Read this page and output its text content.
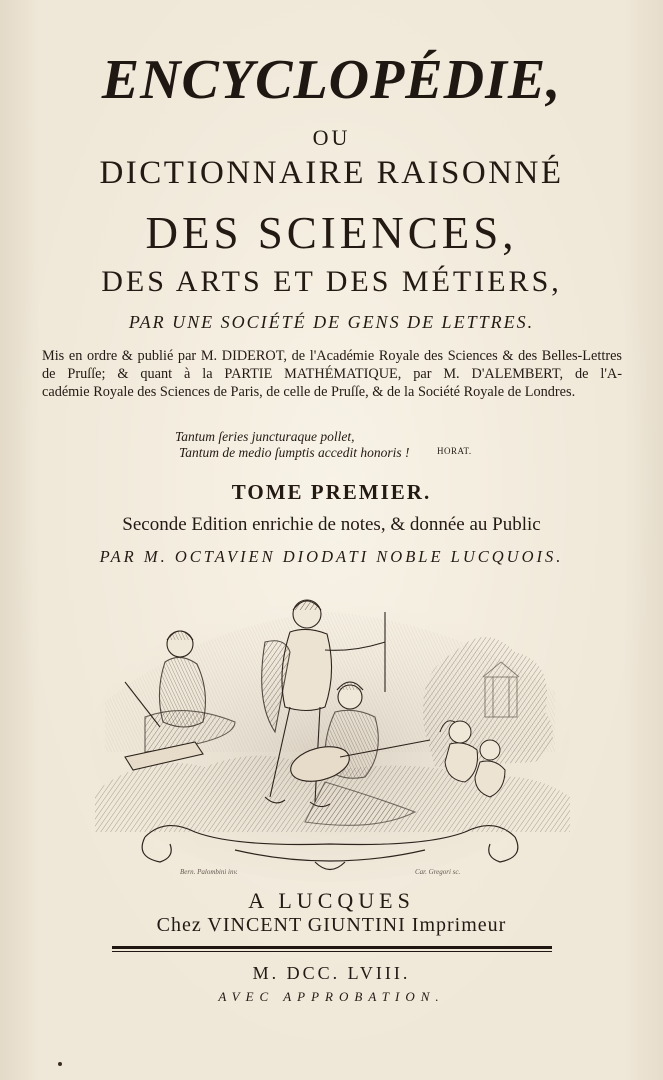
ENCYCLOPÉDIE,
OU
DICTIONNAIRE RAISONNÉ
DES SCIENCES,
DES ARTS ET DES MÉTIERS,
PAR UNE SOCIÉTÉ DE GENS DE LETTRES.
Mis en ordre & publié par M. DIDEROT, de l'Académie Royale des Sciences & des Belles-Lettres
de Pruſſe; & quant à la PARTIE MATHÉMATIQUE, par M. D'ALEMBERT, de l'A-
cadémie Royale des Sciences de Paris, de celle de Pruſſe, & de la Société Royale de Londres.
Tantum ſeries juncturaque pollet,
Tantum de medio ſumptis accedit honoris !	HORAT.
TOME PREMIER.
Seconde Edition enrichie de notes, & donnée au Public
PAR M. OCTAVIEN DIODATI NOBLE LUCQUOIS.
Bern. Palombini inv.	Car. Gregori sc.
A LUCQUES
Chez VINCENT GIUNTINI Imprimeur
M. DCC. LVIII.
AVEC APPROBATION.
